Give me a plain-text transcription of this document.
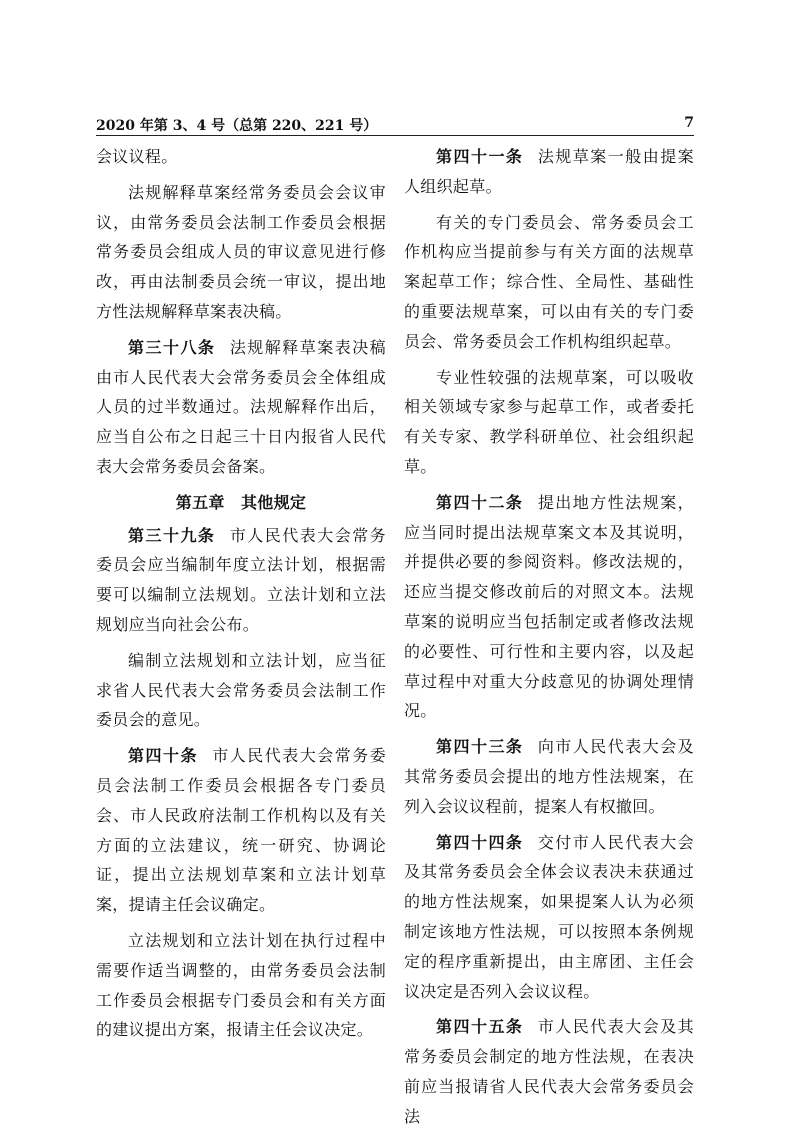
2020 年第 3、4 号（总第 220、221 号）	7

会议议程。

法规解释草案经常务委员会会议审议，由常务委员会法制工作委员会根据常务委员会组成人员的审议意见进行修改，再由法制委员会统一审议，提出地方性法规解释草案表决稿。

第三十八条 法规解释草案表决稿由市人民代表大会常务委员会全体组成人员的过半数通过。法规解释作出后，应当自公布之日起三十日内报省人民代表大会常务委员会备案。

第五章　其他规定

第三十九条 市人民代表大会常务委员会应当编制年度立法计划，根据需要可以编制立法规划。立法计划和立法规划应当向社会公布。

编制立法规划和立法计划，应当征求省人民代表大会常务委员会法制工作委员会的意见。

第四十条 市人民代表大会常务委员会法制工作委员会根据各专门委员会、市人民政府法制工作机构以及有关方面的立法建议，统一研究、协调论证，提出立法规划草案和立法计划草案，提请主任会议确定。

立法规划和立法计划在执行过程中需要作适当调整的，由常务委员会法制工作委员会根据专门委员会和有关方面的建议提出方案，报请主任会议决定。

第四十一条 法规草案一般由提案人组织起草。

有关的专门委员会、常务委员会工作机构应当提前参与有关方面的法规草案起草工作；综合性、全局性、基础性的重要法规草案，可以由有关的专门委员会、常务委员会工作机构组织起草。

专业性较强的法规草案，可以吸收相关领域专家参与起草工作，或者委托有关专家、教学科研单位、社会组织起草。

第四十二条 提出地方性法规案，应当同时提出法规草案文本及其说明，并提供必要的参阅资料。修改法规的，还应当提交修改前后的对照文本。法规草案的说明应当包括制定或者修改法规的必要性、可行性和主要内容，以及起草过程中对重大分歧意见的协调处理情况。

第四十三条 向市人民代表大会及其常务委员会提出的地方性法规案，在列入会议议程前，提案人有权撤回。

第四十四条 交付市人民代表大会及其常务委员会全体会议表决未获通过的地方性法规案，如果提案人认为必须制定该地方性法规，可以按照本条例规定的程序重新提出，由主席团、主任会议决定是否列入会议议程。

第四十五条 市人民代表大会及其常务委员会制定的地方性法规，在表决前应当报请省人民代表大会常务委员会法
